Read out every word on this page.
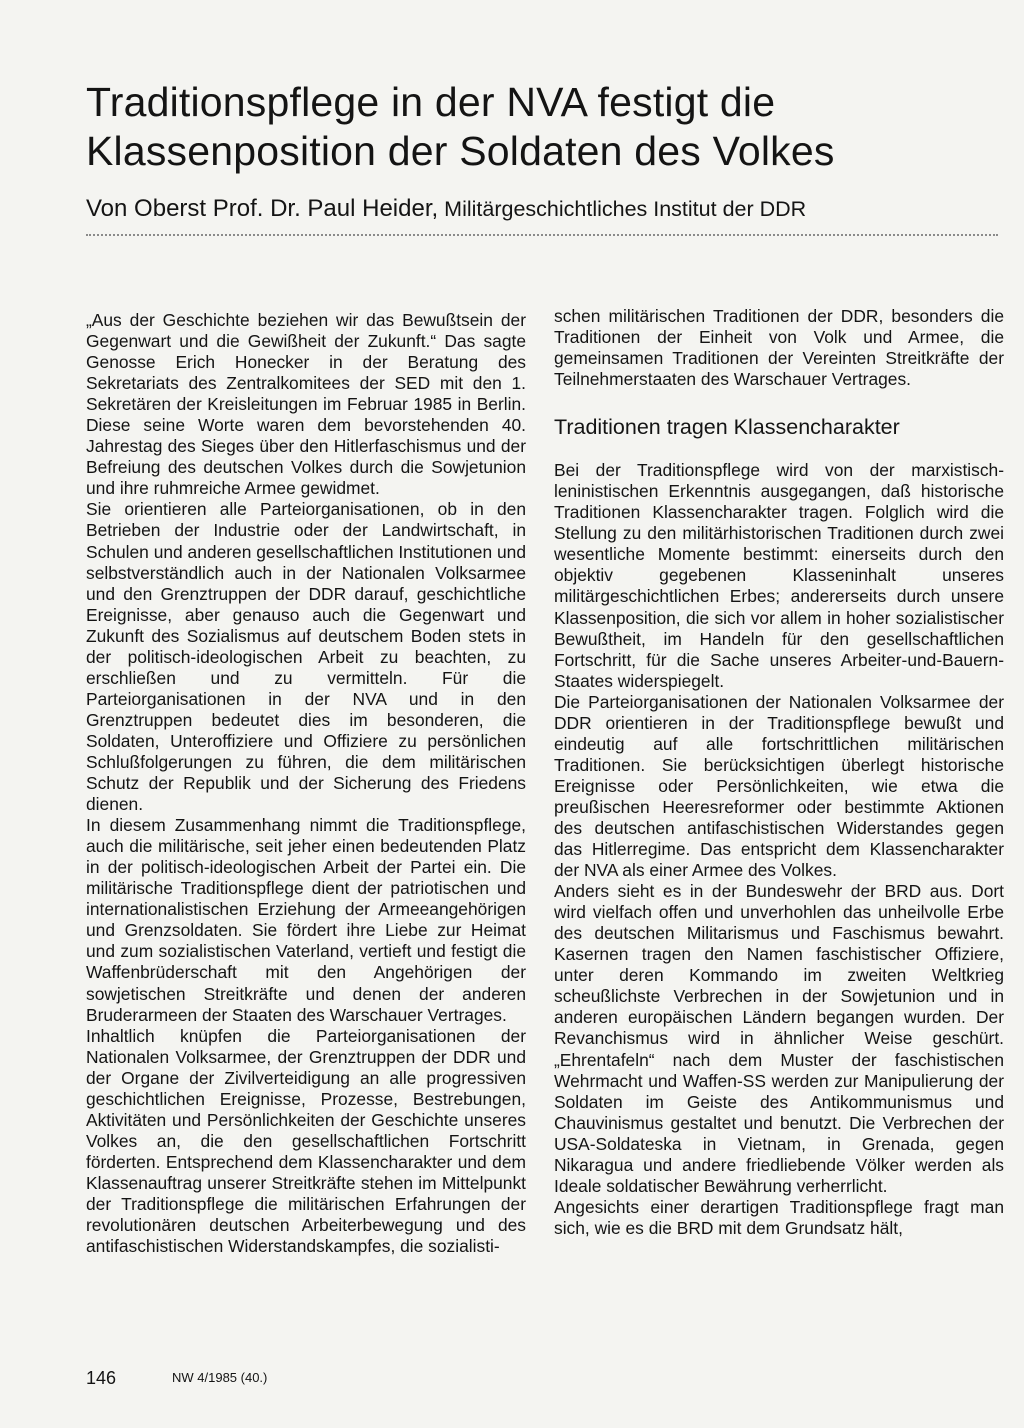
Traditionspflege in der NVA festigt die Klassenposition der Soldaten des Volkes
Von Oberst Prof. Dr. Paul Heider, Militärgeschichtliches Institut der DDR

„Aus der Geschichte beziehen wir das Bewußtsein der Gegenwart und die Gewißheit der Zukunft.“ Das sagte Genosse Erich Honecker in der Beratung des Sekretariats des Zentralkomitees der SED mit den 1. Sekretären der Kreisleitungen im Februar 1985 in Berlin. Diese seine Worte waren dem bevorstehenden 40. Jahrestag des Sieges über den Hitlerfaschismus und der Befreiung des deutschen Volkes durch die Sowjetunion und ihre ruhmreiche Armee gewidmet.

Sie orientieren alle Parteiorganisationen, ob in den Betrieben der Industrie oder der Landwirtschaft, in Schulen und anderen gesellschaftlichen Institutionen und selbstverständlich auch in der Nationalen Volksarmee und den Grenztruppen der DDR darauf, geschichtliche Ereignisse, aber genauso auch die Gegenwart und Zukunft des Sozialismus auf deutschem Boden stets in der politisch-ideologischen Arbeit zu beachten, zu erschließen und zu vermitteln. Für die Parteiorganisationen in der NVA und in den Grenztruppen bedeutet dies im besonderen, die Soldaten, Unteroffiziere und Offiziere zu persönlichen Schlußfolgerungen zu führen, die dem militärischen Schutz der Republik und der Sicherung des Friedens dienen.

In diesem Zusammenhang nimmt die Traditionspflege, auch die militärische, seit jeher einen bedeutenden Platz in der politisch-ideologischen Arbeit der Partei ein. Die militärische Traditionspflege dient der patriotischen und internationalistischen Erziehung der Armeeangehörigen und Grenzsoldaten. Sie fördert ihre Liebe zur Heimat und zum sozialistischen Vaterland, vertieft und festigt die Waffenbrüderschaft mit den Angehörigen der sowjetischen Streitkräfte und denen der anderen Bruderarmeen der Staaten des Warschauer Vertrages.

Inhaltlich knüpfen die Parteiorganisationen der Nationalen Volksarmee, der Grenztruppen der DDR und der Organe der Zivilverteidigung an alle progressiven geschichtlichen Ereignisse, Prozesse, Bestrebungen, Aktivitäten und Persönlichkeiten der Geschichte unseres Volkes an, die den gesellschaftlichen Fortschritt förderten. Entsprechend dem Klassencharakter und dem Klassenauftrag unserer Streitkräfte stehen im Mittelpunkt der Traditionspflege die militärischen Erfahrungen der revolutionären deutschen Arbeiterbewegung und des antifaschistischen Widerstandskampfes, die sozialisti-

schen militärischen Traditionen der DDR, besonders die Traditionen der Einheit von Volk und Armee, die gemeinsamen Traditionen der Vereinten Streitkräfte der Teilnehmerstaaten des Warschauer Vertrages.

Traditionen tragen Klassencharakter

Bei der Traditionspflege wird von der marxistisch-leninistischen Erkenntnis ausgegangen, daß historische Traditionen Klassencharakter tragen. Folglich wird die Stellung zu den militärhistorischen Traditionen durch zwei wesentliche Momente bestimmt: einerseits durch den objektiv gegebenen Klasseninhalt unseres militärgeschichtlichen Erbes; andererseits durch unsere Klassenposition, die sich vor allem in hoher sozialistischer Bewußtheit, im Handeln für den gesellschaftlichen Fortschritt, für die Sache unseres Arbeiter-und-Bauern-Staates widerspiegelt.

Die Parteiorganisationen der Nationalen Volksarmee der DDR orientieren in der Traditionspflege bewußt und eindeutig auf alle fortschrittlichen militärischen Traditionen. Sie berücksichtigen überlegt historische Ereignisse oder Persönlichkeiten, wie etwa die preußischen Heeresreformer oder bestimmte Aktionen des deutschen antifaschistischen Widerstandes gegen das Hitlerregime. Das entspricht dem Klassencharakter der NVA als einer Armee des Volkes.

Anders sieht es in der Bundeswehr der BRD aus. Dort wird vielfach offen und unverhohlen das unheilvolle Erbe des deutschen Militarismus und Faschismus bewahrt. Kasernen tragen den Namen faschistischer Offiziere, unter deren Kommando im zweiten Weltkrieg scheußlichste Verbrechen in der Sowjetunion und in anderen europäischen Ländern begangen wurden. Der Revanchismus wird in ähnlicher Weise geschürt. „Ehrentafeln“ nach dem Muster der faschistischen Wehrmacht und Waffen-SS werden zur Manipulierung der Soldaten im Geiste des Antikommunismus und Chauvinismus gestaltet und benutzt. Die Verbrechen der USA-Soldateska in Vietnam, in Grenada, gegen Nikaragua und andere friedliebende Völker werden als Ideale soldatischer Bewährung verherrlicht.

Angesichts einer derartigen Traditionspflege fragt man sich, wie es die BRD mit dem Grundsatz hält,

146	NW 4/1985 (40.)
